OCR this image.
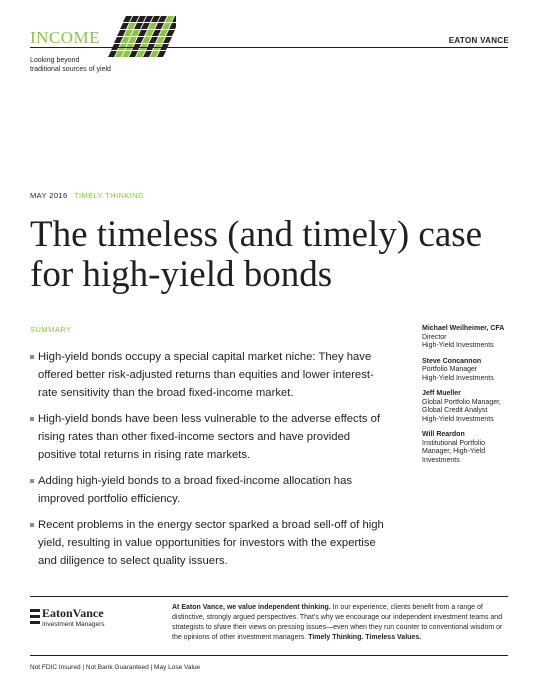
INCOME	EATON VANCE
Looking beyond
traditional sources of yield
MAY 2016 TIMELY THINKING
The timeless (and timely) case
for high-yield bonds
SUMMARY
High-yield bonds occupy a special capital market niche: They have offered better risk-adjusted returns than equities and lower interest-rate sensitivity than the broad fixed-income market.
High-yield bonds have been less vulnerable to the adverse effects of rising rates than other fixed-income sectors and have provided positive total returns in rising rate markets.
Adding high-yield bonds to a broad fixed-income allocation has improved portfolio efficiency.
Recent problems in the energy sector sparked a broad sell-off of high yield, resulting in value opportunities for investors with the expertise and diligence to select quality issuers.
Michael Weilheimer, CFA
Director
High-Yield Investments
Steve Concannon
Portfolio Manager
High-Yield Investments
Jeff Mueller
Global Portfolio Manager,
Global Credit Analyst
High-Yield Investments
Will Reardon
Institutional Portfolio
Manager, High-Yield
Investments
EatonVance
Investment Managers
At Eaton Vance, we value independent thinking. In our experience, clients benefit from a range of distinctive, strongly argued perspectives. That’s why we encourage our independent investment teams and strategists to share their views on pressing issues—even when they run counter to conventional wisdom or the opinions of other investment managers. Timely Thinking. Timeless Values.
Not FDIC Insured | Not Bank Guaranteed | May Lose Value
